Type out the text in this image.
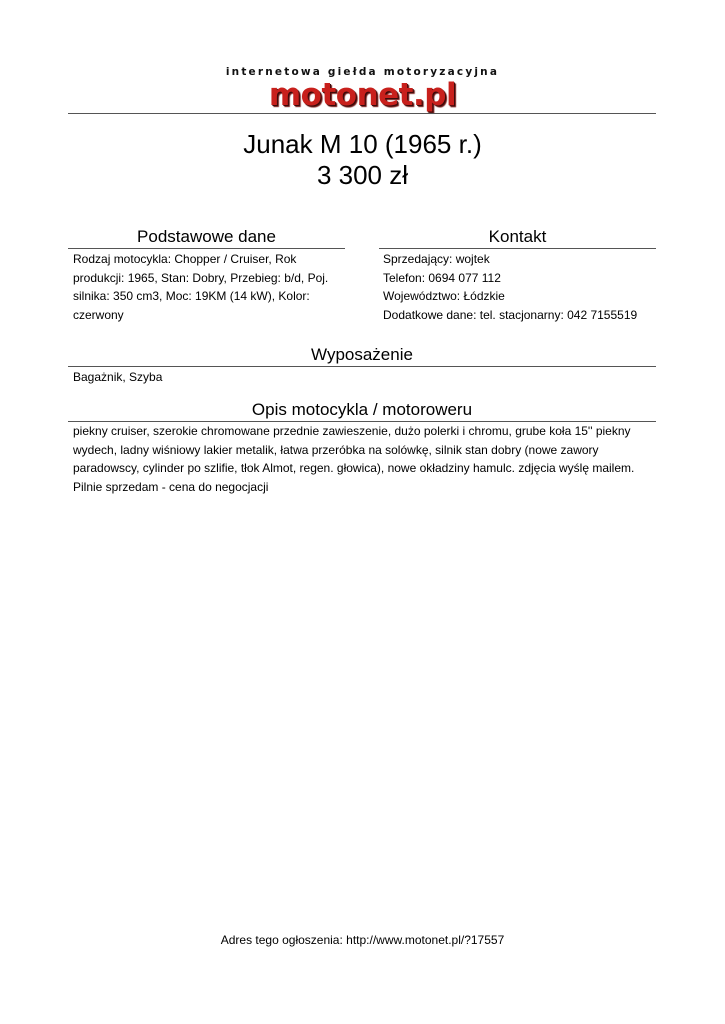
internetowa giełda motoryzacyjna
motonet.pl
Junak M 10 (1965 r.)
3 300 zł
Podstawowe dane
Rodzaj motocykla: Chopper / Cruiser, Rok
produkcji: 1965, Stan: Dobry, Przebieg: b/d, Poj.
silnika: 350 cm3, Moc: 19KM (14 kW), Kolor:
czerwony
Kontakt
Sprzedający: wojtek
Telefon: 0694 077 112
Województwo: Łódzkie
Dodatkowe dane: tel. stacjonarny: 042 7155519
Wyposażenie
Bagażnik, Szyba
Opis motocykla / motoroweru
piekny cruiser, szerokie chromowane przednie zawieszenie, dużo polerki i chromu, grube koła 15'' piekny
wydech, ladny wiśniowy lakier metalik, łatwa przeróbka na solówkę, silnik stan dobry (nowe zawory
paradowscy, cylinder po szlifie, tłok Almot, regen. głowica), nowe okładziny hamulc. zdjęcia wyślę mailem.
Pilnie sprzedam - cena do negocjacji
Adres tego ogłoszenia: http://www.motonet.pl/?17557
